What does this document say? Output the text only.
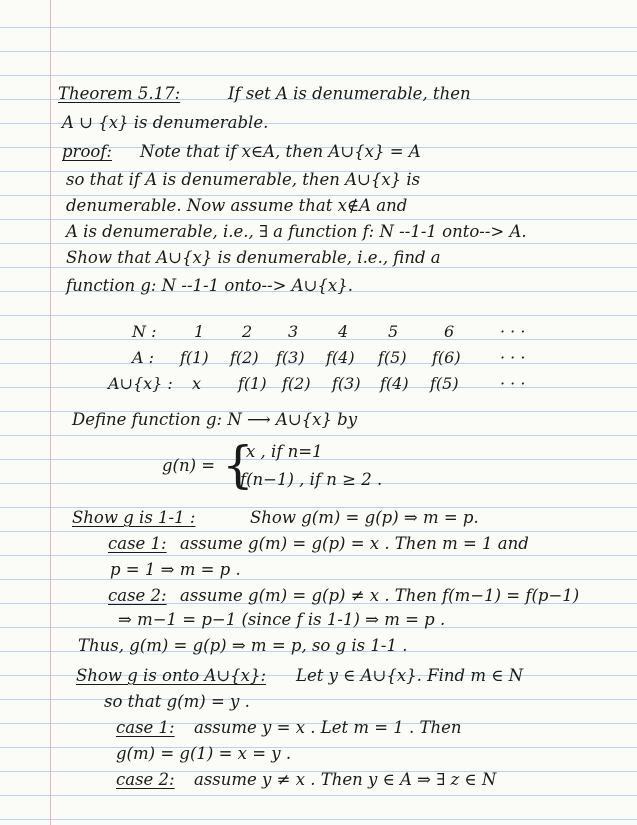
Theorem 5.17:	If set A is denumerable, then
A ∪ {x} is denumerable.
proof: Note that if x∈A, then A∪{x} = A
so that if A is denumerable, then A∪{x} is
denumerable. Now assume that x∉A and
A is denumerable, i.e., ∃ a function f: N --1-1 onto--> A.
Show that A∪{x} is denumerable, i.e., find a
function g: N --1-1 onto--> A∪{x}.
N : 1 2 3 4 5	6	· · ·
A : f(1) f(2) f(3) f(4) f(5) f(6) · · ·
A∪{x} : x f(1) f(2) f(3) f(4) f(5)	· · ·
Define function g: N ⟶ A∪{x} by
g(n) = {
x , if n=1
f(n−1) , if n ≥ 2 .
Show g is 1-1 :	Show g(m) = g(p) ⇒ m = p.
case 1: assume g(m) = g(p) = x . Then m = 1 and
p = 1 ⇒ m = p .
case 2: assume g(m) = g(p) ≠ x . Then f(m−1) = f(p−1)
⇒ m−1 = p−1 (since f is 1-1) ⇒ m = p .
Thus, g(m) = g(p) ⇒ m = p, so g is 1-1 .
Show g is onto A∪{x}: Let y ∈ A∪{x}. Find m ∈ N
so that g(m) = y .
case 1: assume y = x . Let m = 1 . Then
g(m) = g(1) = x = y .
case 2: assume y ≠ x . Then y ∈ A ⇒ ∃ z ∈ N
